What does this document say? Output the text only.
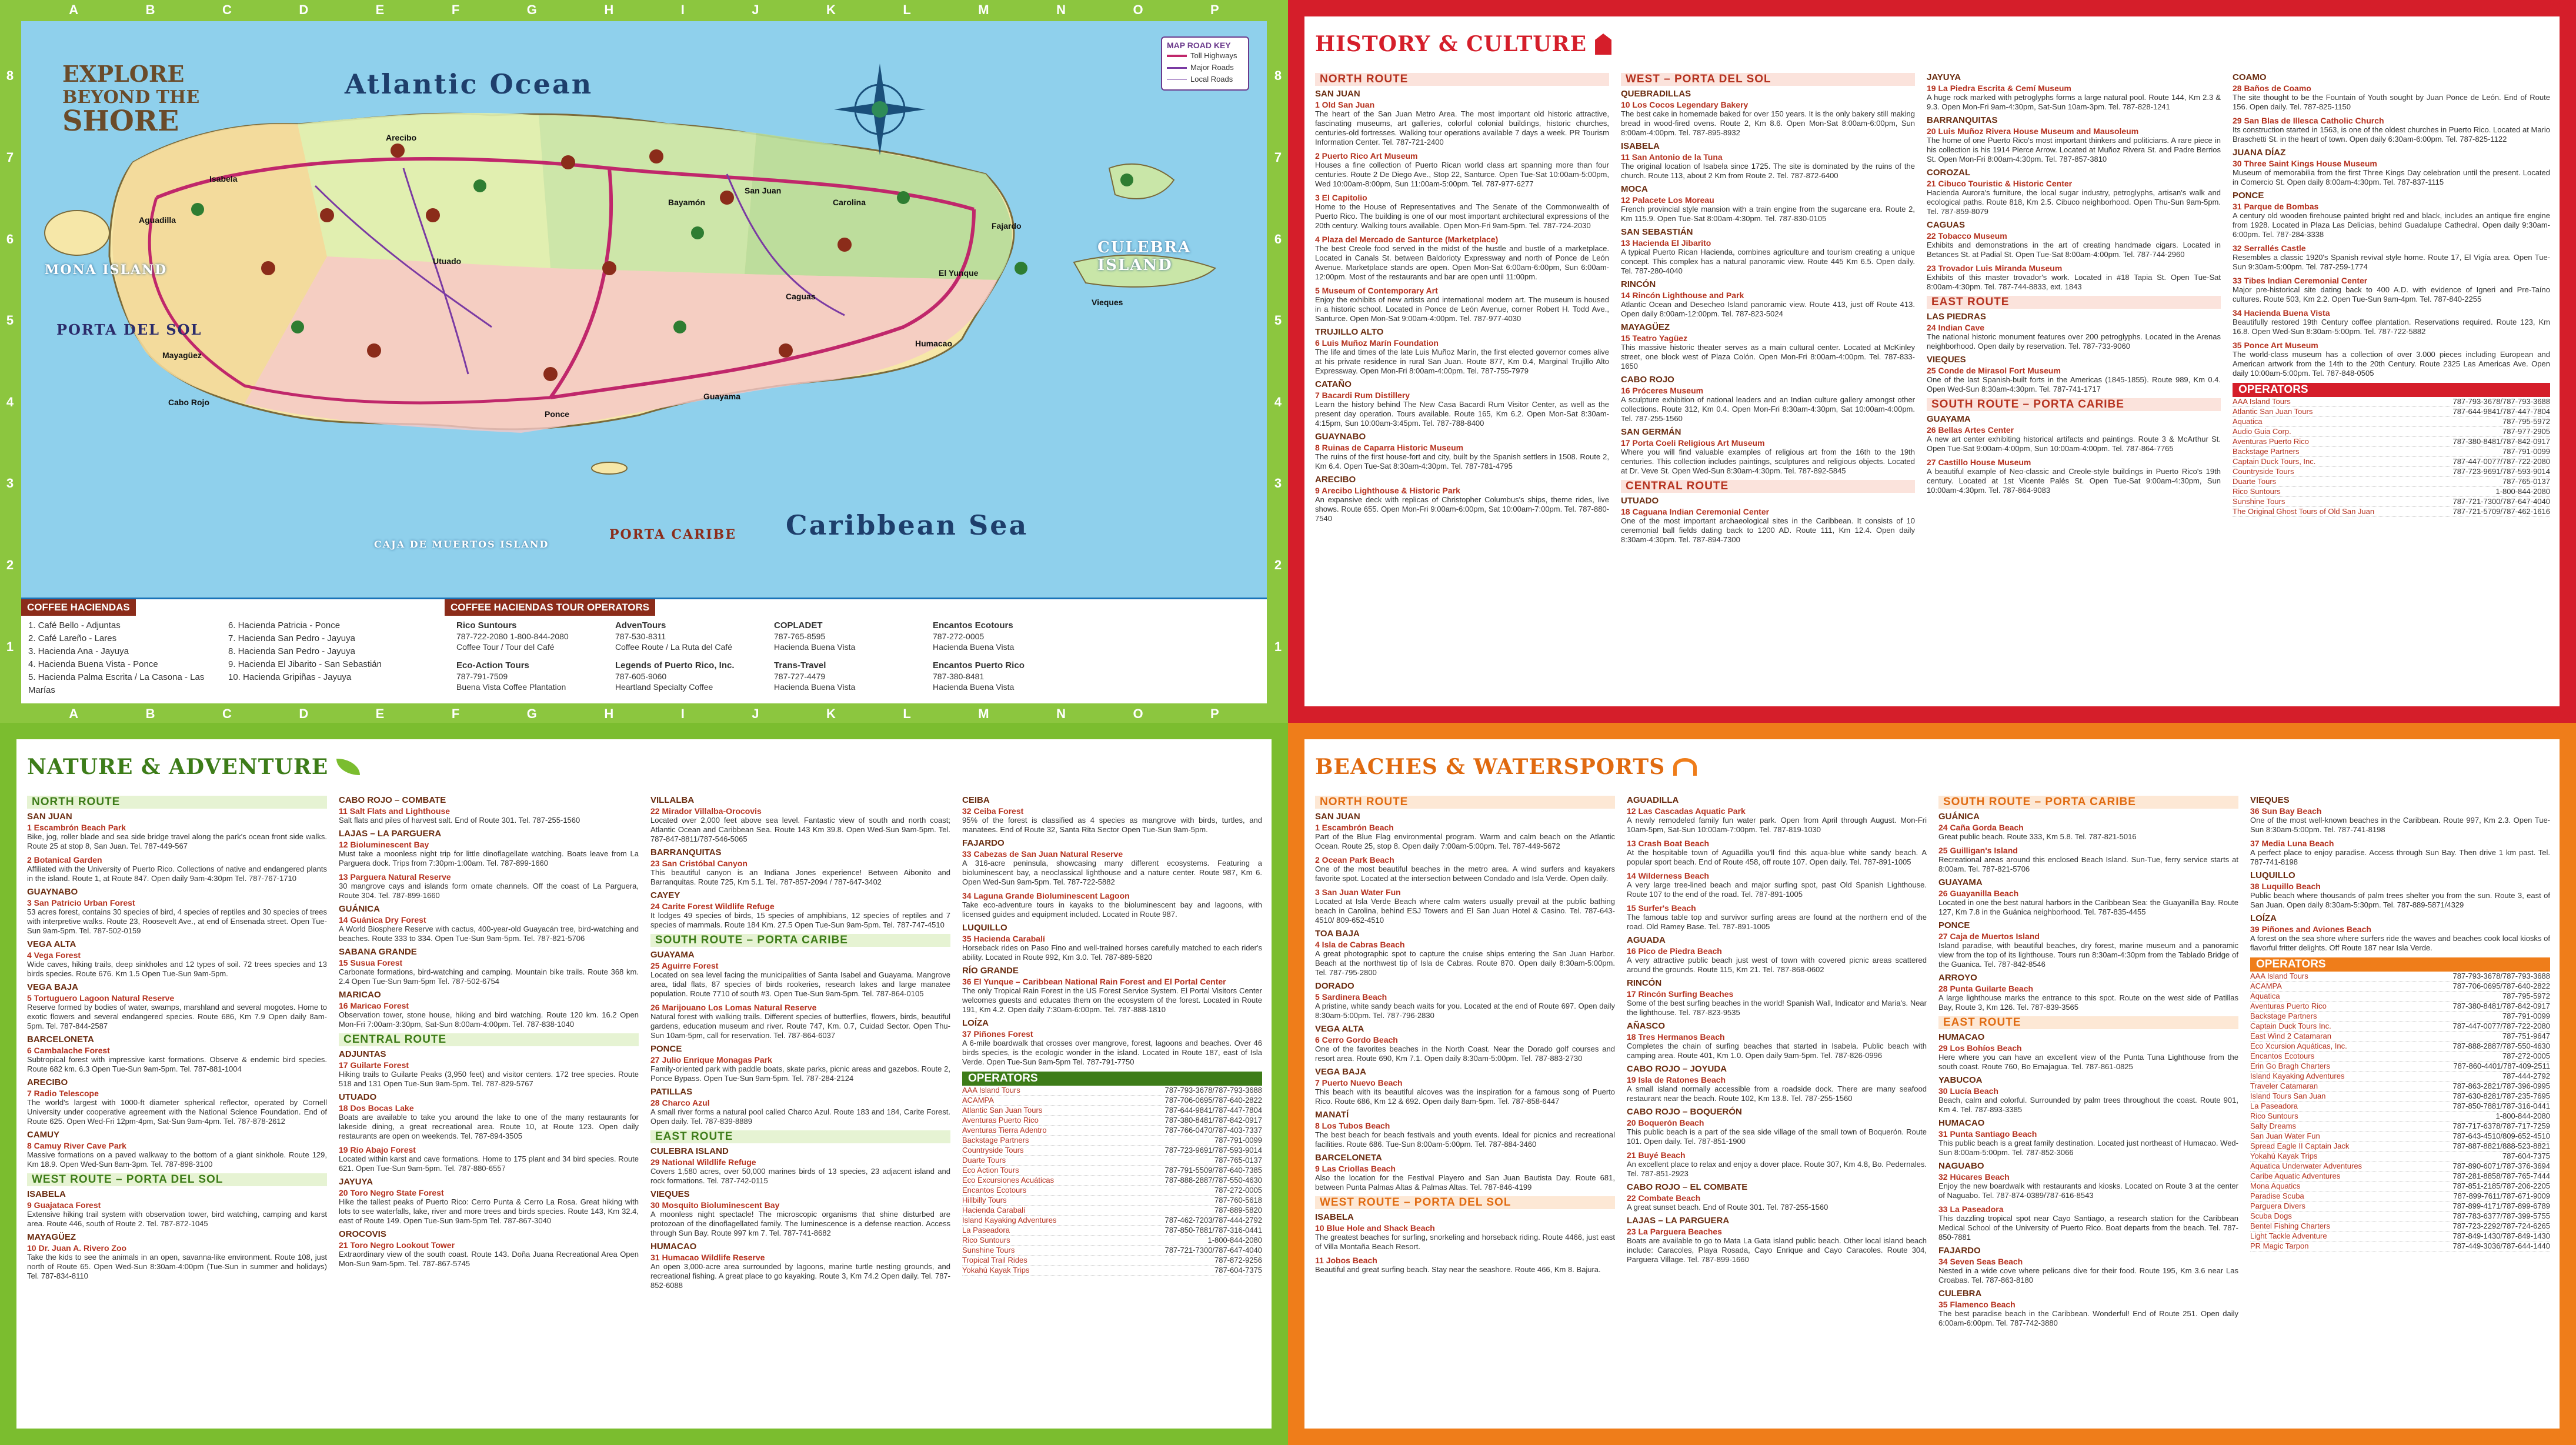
A	B	C	D	E	F	G	H	I	J	K	L	M	N	O	P
A	B	C	D	E	F	G	H	I	J	K	L	M	N	O	P
8
7
6
5
4
3
2
1
8
7
6
5
4
3
2
1
EXPLORE
BEYOND THE
SHORE
Atlantic Ocean
Caribbean Sea
CULEBRA ISLAND
MONA ISLAND
PORTA DEL SOL
PORTA CARIBE
CAJA DE MUERTOS ISLAND
Arecibo
San Juan
Mayagüez
Ponce
El Yunque
Isabela
Aguadilla
Vieques
Fajardo
Humacao
Guayama
Caguas
Bayamón	Carolina
Utuado
Cabo Rojo
MAP ROAD KEY
Toll Highways
Major Roads
Local Roads
COFFEE HACIENDAS
1. Café Bello - Adjuntas
2. Café Lareño - Lares
3. Hacienda Ana - Jayuya
4. Hacienda Buena Vista - Ponce
5. Hacienda Palma Escrita / La Casona - Las Marías
6. Hacienda Patricia - Ponce
7. Hacienda San Pedro - Jayuya
8. Hacienda San Pedro - Jayuya
9. Hacienda El Jibarito - San Sebastián
10. Hacienda Gripiñas - Jayuya
COFFEE HACIENDAS TOUR OPERATORS
Rico Suntours
787-722-2080 1-800-844-2080
Coffee Tour / Tour del Café
Eco-Action Tours
787-791-7509
Buena Vista Coffee Plantation
AdvenTours
787-530-8311
Coffee Route / La Ruta del Café
Legends of Puerto Rico, Inc.
787-605-9060
Heartland Specialty Coffee
COPLADET
787-765-8595
Hacienda Buena Vista
Trans-Travel
787-727-4479
Hacienda Buena Vista
Encantos Ecotours
787-272-0005
Hacienda Buena Vista
Encantos Puerto Rico
787-380-8481
Hacienda Buena Vista
HISTORY & CULTURE
NORTH ROUTE
SAN JUAN
1 Old San Juan
The heart of the San Juan Metro Area. The most important old historic attractive, fascinating museums, art galleries, colorful colonial buildings, historic churches, centuries-old fortresses. Walking tour operations available 7 days a week. PR Tourism Information Center. Tel. 787-721-2400
2 Puerto Rico Art Museum
Houses a fine collection of Puerto Rican world class art spanning more than four centuries. Route 2 De Diego Ave., Stop 22, Santurce. Open Tue-Sat 10:00am-5:00pm, Wed 10:00am-8:00pm, Sun 11:00am-5:00pm. Tel. 787-977-6277
3 El Capitolio
Home to the House of Representatives and The Senate of the Commonwealth of Puerto Rico. The building is one of our most important architectural expressions of the 20th century. Walking tours available. Open Mon-Fri 9am-5pm. Tel. 787-724-2030
4 Plaza del Mercado de Santurce (Marketplace)
The best Creole food served in the midst of the hustle and bustle of a marketplace. Located in Canals St. between Baldorioty Expressway and north of Ponce de León Avenue. Marketplace stands are open. Open Mon-Sat 6:00am-6:00pm, Sun 6:00am-12:00pm. Most of the restaurants and bar are open until 11:00pm.
5 Museum of Contemporary Art
Enjoy the exhibits of new artists and international modern art. The museum is housed in a historic school. Located in Ponce de León Avenue, corner Robert H. Todd Ave., Santurce. Open Mon-Sat 9:00am-4:00pm. Tel. 787-977-4030
TRUJILLO ALTO
6 Luis Muñoz Marín Foundation
The life and times of the late Luis Muñoz Marín, the first elected governor comes alive at his private residence in rural San Juan. Route 877, Km 0.4, Marginal Trujillo Alto Expressway. Open Mon-Fri 8:00am-4:00pm. Tel. 787-755-7979
CATAÑO
7 Bacardi Rum Distillery
Learn the history behind The New Casa Bacardi Rum Visitor Center, as well as the present day operation. Tours available. Route 165, Km 6.2. Open Mon-Sat 8:30am-4:15pm, Sun 10:00am-3:45pm. Tel. 787-788-8400
GUAYNABO
8 Ruinas de Caparra Historic Museum
The ruins of the first house-fort and city, built by the Spanish settlers in 1508. Route 2, Km 6.4. Open Tue-Sat 8:30am-4:30pm. Tel. 787-781-4795
ARECIBO
9 Arecibo Lighthouse & Historic Park
An expansive deck with replicas of Christopher Columbus's ships, theme rides, live shows. Route 655. Open Mon-Fri 9:00am-6:00pm, Sat 10:00am-7:00pm. Tel. 787-880-7540
WEST – PORTA DEL SOL
QUEBRADILLAS
10 Los Cocos Legendary Bakery
The best cake in homemade baked for over 150 years. It is the only bakery still making bread in wood-fired ovens. Route 2, Km 8.6. Open Mon-Sat 8:00am-6:00pm, Sun 8:00am-4:00pm. Tel. 787-895-8932
ISABELA
11 San Antonio de la Tuna
The original location of Isabela since 1725. The site is dominated by the ruins of the church. Route 113, about 2 Km from Route 2. Tel. 787-872-6400
MOCA
12 Palacete Los Moreau
French provincial style mansion with a train engine from the sugarcane era. Route 2, Km 115.9. Open Tue-Sat 8:00am-4:30pm. Tel. 787-830-0105
SAN SEBASTIÁN
13 Hacienda El Jibarito
A typical Puerto Rican Hacienda, combines agriculture and tourism creating a unique concept. This complex has a natural panoramic view. Route 445 Km 6.5. Open daily. Tel. 787-280-4040
RINCÓN
14 Rincón Lighthouse and Park
Atlantic Ocean and Desecheo Island panoramic view. Route 413, just off Route 413. Open daily 8:00am-12:00pm. Tel. 787-823-5024
MAYAGÜEZ
15 Teatro Yagüez
This massive historic theater serves as a main cultural center. Located at McKinley street, one block west of Plaza Colón. Open Mon-Fri 8:00am-4:00pm. Tel. 787-833-1650
CABO ROJO
16 Próceres Museum
A sculpture exhibition of national leaders and an Indian culture gallery amongst other collections. Route 312, Km 0.4. Open Mon-Fri 8:30am-4:30pm, Sat 10:00am-4:00pm. Tel. 787-255-1560
SAN GERMÁN
17 Porta Coeli Religious Art Museum
Where you will find valuable examples of religious art from the 16th to the 19th centuries. This collection includes paintings, sculptures and religious objects. Located at Dr. Veve St. Open Wed-Sun 8:30am-4:30pm. Tel. 787-892-5845
CENTRAL ROUTE
UTUADO
18 Caguana Indian Ceremonial Center
One of the most important archaeological sites in the Caribbean. It consists of 10 ceremonial ball fields dating back to 1200 AD. Route 111, Km 12.4. Open daily 8:30am-4:30pm. Tel. 787-894-7300
JAYUYA
19 La Piedra Escrita & Cemí Museum
A huge rock marked with petroglyphs forms a large natural pool. Route 144, Km 2.3 & 9.3. Open Mon-Fri 9am-4:30pm, Sat-Sun 10am-3pm. Tel. 787-828-1241
BARRANQUITAS
20 Luis Muñoz Rivera House Museum and Mausoleum
The home of one Puerto Rico's most important thinkers and politicians. A rare piece in his collection is his 1914 Pierce Arrow. Located at Muñoz Rivera St. and Padre Berrios St. Open Mon-Fri 8:00am-4:30pm. Tel. 787-857-3810
COROZAL
21 Cibuco Touristic & Historic Center
Hacienda Aurora's furniture, the local sugar industry, petroglyphs, artisan's walk and ecological paths. Route 818, Km 2.5. Cibuco neighborhood. Open Thu-Sun 9am-5pm. Tel. 787-859-8079
CAGUAS
22 Tobacco Museum
Exhibits and demonstrations in the art of creating handmade cigars. Located in Betances St. at Padial St. Open Tue-Sat 8:00am-4:00pm. Tel. 787-744-2960
23 Trovador Luis Miranda Museum
Exhibits of this master trovador's work. Located in #18 Tapia St. Open Tue-Sat 8:00am-4:30pm. Tel. 787-744-8833, ext. 1843
EAST ROUTE
LAS PIEDRAS
24 Indian Cave
The national historic monument features over 200 petroglyphs. Located in the Arenas neighborhood. Open daily by reservation. Tel. 787-733-9060
VIEQUES
25 Conde de Mirasol Fort Museum
One of the last Spanish-built forts in the Americas (1845-1855). Route 989, Km 0.4. Open Wed-Sun 8:30am-4:30pm. Tel. 787-741-1717
SOUTH ROUTE – PORTA CARIBE
GUAYAMA
26 Bellas Artes Center
A new art center exhibiting historical artifacts and paintings. Route 3 & McArthur St. Open Tue-Sat 9:00am-4:00pm, Sun 10:00am-4:00pm. Tel. 787-864-7765
27 Castillo House Museum
A beautiful example of Neo-classic and Creole-style buildings in Puerto Rico's 19th century. Located at 1st Vicente Palés St. Open Tue-Sat 9:00am-4:30pm, Sun 10:00am-4:30pm. Tel. 787-864-9083
COAMO
28 Baños de Coamo
The site thought to be the Fountain of Youth sought by Juan Ponce de León. End of Route 156. Open daily. Tel. 787-825-1150
29 San Blas de Illesca Catholic Church
Its construction started in 1563, is one of the oldest churches in Puerto Rico. Located at Mario Braschetti St. in the heart of town. Open daily 6:30am-6:00pm. Tel. 787-825-1122
JUANA DÍAZ
30 Three Saint Kings House Museum
Museum of memorabilia from the first Three Kings Day celebration until the present. Located in Comercio St. Open daily 8:00am-4:30pm. Tel. 787-837-1115
PONCE
31 Parque de Bombas
A century old wooden firehouse painted bright red and black, includes an antique fire engine from 1928. Located in Plaza Las Delicias, behind Guadalupe Cathedral. Open daily 9:30am-6:00pm. Tel. 787-284-3338
32 Serrallés Castle
Resembles a classic 1920's Spanish revival style home. Route 17, El Vigía area. Open Tue-Sun 9:30am-5:00pm. Tel. 787-259-1774
33 Tibes Indian Ceremonial Center
Major pre-historical site dating back to 400 A.D. with evidence of Igneri and Pre-Taíno cultures. Route 503, Km 2.2. Open Tue-Sun 9am-4pm. Tel. 787-840-2255
34 Hacienda Buena Vista
Beautifully restored 19th Century coffee plantation. Reservations required. Route 123, Km 16.8. Open Wed-Sun 8:30am-5:00pm. Tel. 787-722-5882
35 Ponce Art Museum
The world-class museum has a collection of over 3.000 pieces including European and American artwork from the 14th to the 20th Century. Route 2325 Las Americas Ave. Open daily 10:00am-5:00pm. Tel. 787-848-0505
OPERATORS
AAA Island Tours	787-793-3678/787-793-3688
Atlantic San Juan Tours	787-644-9841/787-447-7804
Aquatica	787-795-5972
Audio Guia Corp.	787-977-2905
Aventuras Puerto Rico	787-380-8481/787-842-0917
Backstage Partners	787-791-0099
Captain Duck Tours, Inc.	787-447-0077/787-722-2080
Countryside Tours	787-723-9691/787-593-9014
Duarte Tours	787-765-0137
Rico Suntours	1-800-844-2080
Sunshine Tours	787-721-7300/787-647-4040
The Original Ghost Tours of Old San Juan	787-721-5709/787-462-1616
NATURE & ADVENTURE
NORTH ROUTE
SAN JUAN
1 Escambrón Beach Park
Bike, jog, roller blade and sea side bridge travel along the park's ocean front side walks. Route 25 at stop 8, San Juan. Tel. 787-449-567
2 Botanical Garden
Affiliated with the University of Puerto Rico. Collections of native and endangered plants in the island. Route 1, at Route 847. Open daily 9am-4:30pm Tel. 787-767-1710
GUAYNABO
3 San Patricio Urban Forest
53 acres forest, contains 30 species of bird, 4 species of reptiles and 30 species of trees with interpretive walks. Route 23, Roosevelt Ave., at end of Ensenada street. Open Tue-Sun 9am-5pm. Tel. 787-502-0159
VEGA ALTA
4 Vega Forest
Wide caves, hiking trails, deep sinkholes and 12 types of soil. 72 trees species and 13 birds species. Route 676. Km 1.5 Open Tue-Sun 9am-5pm.
VEGA BAJA
5 Tortuguero Lagoon Natural Reserve
Reserve formed by bodies of water, swamps, marshland and several mogotes. Home to exotic flowers and several endangered species. Route 686, Km 7.9 Open daily 8am-5pm. Tel. 787-844-2587
BARCELONETA
6 Cambalache Forest
Subtropical forest with impressive karst formations. Observe & endemic bird species. Route 682 km. 6.3 Open Tue-Sun 9am-5pm. Tel. 787-881-1004
ARECIBO
7 Radio Telescope
The world's largest with 1000-ft diameter spherical reflector, operated by Cornell University under cooperative agreement with the National Science Foundation. End of Route 625. Open Wed-Fri 12pm-4pm, Sat-Sun 9am-4pm. Tel. 787-878-2612
CAMUY
8 Camuy River Cave Park
Massive formations on a paved walkway to the bottom of a giant sinkhole. Route 129, Km 18.9. Open Wed-Sun 8am-3pm. Tel. 787-898-3100
WEST ROUTE – PORTA DEL SOL
ISABELA
9 Guajataca Forest
Extensive hiking trail system with observation tower, bird watching, camping and karst area. Route 446, south of Route 2. Tel. 787-872-1045
MAYAGÜEZ
10 Dr. Juan A. Rivero Zoo
Take the kids to see the animals in an open, savanna-like environment. Route 108, just north of Route 65. Open Wed-Sun 8:30am-4:00pm (Tue-Sun in summer and holidays) Tel. 787-834-8110
CABO ROJO – COMBATE
11 Salt Flats and Lighthouse
Salt flats and piles of harvest salt. End of Route 301. Tel. 787-255-1560
LAJAS – LA PARGUERA
12 Bioluminescent Bay
Must take a moonless night trip for little dinoflagellate watching. Boats leave from La Parguera dock. Trips from 7:30pm-1:00am. Tel. 787-899-1660
13 Parguera Natural Reserve
30 mangrove cays and islands form ornate channels. Off the coast of La Parguera, Route 304. Tel. 787-899-1660
GUÁNICA
14 Guánica Dry Forest
A World Biosphere Reserve with cactus, 400-year-old Guayacán tree, bird-watching and beaches. Route 333 to 334. Open Tue-Sun 9am-5pm. Tel. 787-821-5706
SABANA GRANDE
15 Susua Forest
Carbonate formations, bird-watching and camping. Mountain bike trails. Route 368 km. 2.4 Open Tue-Sun 9am-5pm Tel. 787-502-6754
MARICAO
16 Maricao Forest
Observation tower, stone house, hiking and bird watching. Route 120 km. 16.2 Open Mon-Fri 7:00am-3:30pm, Sat-Sun 8:00am-4:00pm. Tel. 787-838-1040
CENTRAL ROUTE
ADJUNTAS
17 Guilarte Forest
Hiking trails to Guilarte Peaks (3,950 feet) and visitor centers. 172 tree species. Route 518 and 131 Open Tue-Sun 9am-5pm. Tel. 787-829-5767
UTUADO
18 Dos Bocas Lake
Boats are available to take you around the lake to one of the many restaurants for lakeside dining, a great recreational area. Route 10, at Route 123. Open daily restaurants are open on weekends. Tel. 787-894-3505
19 Río Abajo Forest
Located within karst and cave formations. Home to 175 plant and 34 bird species. Route 621. Open Tue-Sun 9am-5pm. Tel. 787-880-6557
JAYUYA
20 Toro Negro State Forest
Hike the tallest peaks of Puerto Rico: Cerro Punta & Cerro La Rosa. Great hiking with lots to see waterfalls, lake, river and more trees and birds species. Route 143, Km 32.4, east of Route 149. Open Tue-Sun 9am-5pm Tel. 787-867-3040
OROCOVIS
21 Toro Negro Lookout Tower
Extraordinary view of the south coast. Route 143. Doña Juana Recreational Area Open Mon-Sun 9am-5pm. Tel. 787-867-5745
VILLALBA
22 Mirador Villalba-Orocovis
Located over 2,000 feet above sea level. Fantastic view of south and north coast; Atlantic Ocean and Caribbean Sea. Route 143 Km 39.8. Open Wed-Sun 9am-5pm. Tel. 787-847-8811/787-546-5065
BARRANQUITAS
23 San Cristóbal Canyon
This beautiful canyon is an Indiana Jones experience! Between Aibonito and Barranquitas. Route 725, Km 5.1. Tel. 787-857-2094 / 787-647-3402
CAYEY
24 Carite Forest Wildlife Refuge
It lodges 49 species of birds, 15 species of amphibians, 12 species of reptiles and 7 species of mammals. Route 184 Km. 27.5 Open Tue-Sun 9am-5pm. Tel. 787-747-4510
SOUTH ROUTE – PORTA CARIBE
GUAYAMA
25 Aguirre Forest
Located on sea level facing the municipalities of Santa Isabel and Guayama. Mangrove area, tidal flats, 87 species of birds rookeries, research lakes and large manatee population. Route 7710 of south #3. Open Tue-Sun 9am-5pm. Tel. 787-864-0105
26 Marijouano Los Lomas Natural Reserve
Natural forest with walking trails. Different species of butterflies, flowers, birds, beautiful gardens, education museum and river. Route 747, Km. 0.7, Cuidad Sector. Open Thu-Sun 10am-5pm, call for reservation. Tel. 787-864-6037
PONCE
27 Julio Enrique Monagas Park
Family-oriented park with paddle boats, skate parks, picnic areas and gazebos. Route 2, Ponce Bypass. Open Tue-Sun 9am-5pm. Tel. 787-284-2124
PATILLAS
28 Charco Azul
A small river forms a natural pool called Charco Azul. Route 183 and 184, Carite Forest. Open daily. Tel. 787-839-8889
EAST ROUTE
CULEBRA ISLAND
29 National Wildlife Refuge
Covers 1,580 acres, over 50,000 marines birds of 13 species, 23 adjacent island and rock formations. Tel. 787-742-0115
VIEQUES
30 Mosquito Bioluminescent Bay
A moonless night spectacle! The microscopic organisms that shine disturbed are protozoan of the dinoflagellated family. The luminescence is a defense reaction. Access through Sun Bay. Route 997 km 7. Tel. 787-741-8682
HUMACAO
31 Humacao Wildlife Reserve
An open 3,000-acre area surrounded by lagoons, marine turtle nesting grounds, and recreational fishing. A great place to go kayaking. Route 3, Km 74.2 Open daily. Tel. 787-852-6088
CEIBA
32 Ceiba Forest
95% of the forest is classified as 4 species as mangrove with birds, turtles, and manatees. End of Route 32, Santa Rita Sector Open Tue-Sun 9am-5pm.
FAJARDO
33 Cabezas de San Juan Natural Reserve
A 316-acre peninsula, showcasing many different ecosystems. Featuring a bioluminescent bay, a neoclassical lighthouse and a nature center. Route 987, Km 6. Open Wed-Sun 9am-5pm. Tel. 787-722-5882
34 Laguna Grande Bioluminescent Lagoon
Take eco-adventure tours in kayaks to the bioluminescent bay and lagoons, with licensed guides and equipment included. Located in Route 987.
LUQUILLO
35 Hacienda Carabalí
Horseback rides on Paso Fino and well-trained horses carefully matched to each rider's ability. Located in Route 992, Km 3.0. Tel. 787-889-5820
RÍO GRANDE
36 El Yunque – Caribbean National Rain Forest and El Portal Center
The only Tropical Rain Forest in the US Forest Service System. El Portal Visitors Center welcomes guests and educates them on the ecosystem of the forest. Located in Route 191, Km 4.2. Open daily 7:30am-6:00pm. Tel. 787-888-1810
LOÍZA
37 Piñones Forest
A 6-mile boardwalk that crosses over mangrove, forest, lagoons and beaches. Over 46 birds species, is the ecologic wonder in the island. Located in Route 187, east of Isla Verde. Open Tue-Sun 9am-5pm Tel. 787-791-7750
OPERATORS
AAA Island Tours	787-793-3678/787-793-3688
ACAMPA	787-706-0695/787-640-2822
Atlantic San Juan Tours	787-644-9841/787-447-7804
Aventuras Puerto Rico	787-380-8481/787-842-0917
Aventuras Tierra Adentro	787-766-0470/787-403-7337
Backstage Partners	787-791-0099
Countryside Tours	787-723-9691/787-593-9014
Duarte Tours	787-765-0137
Eco Action Tours	787-791-5509/787-640-7385
Eco Excursiones Acuáticas	787-888-2887/787-550-4630
Encantos Ecotours	787-272-0005
Hillbilly Tours	787-760-5618
Hacienda Carabalí	787-889-5820
Island Kayaking Adventures	787-462-7203/787-444-2792
La Paseadora	787-850-7881/787-316-0441
Rico Suntours	1-800-844-2080
Sunshine Tours	787-721-7300/787-647-4040
Tropical Trail Rides	787-872-9256
Yokahú Kayak Trips	787-604-7375
BEACHES & WATERSPORTS
NORTH ROUTE
SAN JUAN
1 Escambrón Beach
Part of the Blue Flag environmental program. Warm and calm beach on the Atlantic Ocean. Route 25, stop 8. Open daily 7:00am-5:00pm. Tel. 787-449-5672
2 Ocean Park Beach
One of the most beautiful beaches in the metro area. A wind surfers and kayakers favorite spot. Located at the intersection between Condado and Isla Verde. Open daily.
3 San Juan Water Fun
Located at Isla Verde Beach where calm waters usually prevail at the public bathing beach in Carolina, behind ESJ Towers and El San Juan Hotel & Casino. Tel. 787-643-4510/ 809-652-4510
TOA BAJA
4 Isla de Cabras Beach
A great photographic spot to capture the cruise ships entering the San Juan Harbor. Beach at the northwest tip of Isla de Cabras. Route 870. Open daily 8:30am-5:00pm. Tel. 787-795-2800
DORADO
5 Sardinera Beach
A pristine, white sandy beach waits for you. Located at the end of Route 697. Open daily 8:30am-5:00pm. Tel. 787-796-2830
VEGA ALTA
6 Cerro Gordo Beach
One of the favorites beaches in the North Coast. Near the Dorado golf courses and resort area. Route 690, Km 7.1. Open daily 8:30am-5:00pm. Tel. 787-883-2730
VEGA BAJA
7 Puerto Nuevo Beach
This beach with its beautiful alcoves was the inspiration for a famous song of Puerto Rico. Route 686, Km 12 & 692. Open daily 8am-5pm. Tel. 787-858-6447
MANATÍ
8 Los Tubos Beach
The best beach for beach festivals and youth events. Ideal for picnics and recreational facilities. Route 686. Tue-Sun 8:00am-5:00pm. Tel. 787-884-3460
BARCELONETA
9 Las Criollas Beach
Also the location for the Festival Playero and San Juan Bautista Day. Route 681, between Punta Palmas Altas & Palmas Altas. Tel. 787-846-4199
WEST ROUTE – PORTA DEL SOL
ISABELA
10 Blue Hole and Shack Beach
The greatest beaches for surfing, snorkeling and horseback riding. Route 4466, just east of Villa Montaña Beach Resort.
11 Jobos Beach
Beautiful and great surfing beach. Stay near the seashore. Route 466, Km 8. Bajura.
AGUADILLA
12 Las Cascadas Aquatic Park
A newly remodeled family fun water park. Open from April through August. Mon-Fri 10am-5pm, Sat-Sun 10:00am-7:00pm. Tel. 787-819-1030
13 Crash Boat Beach
At the hospitable town of Aguadilla you'll find this aqua-blue white sandy beach. A popular sport beach. End of Route 458, off route 107. Open daily. Tel. 787-891-1005
14 Wilderness Beach
A very large tree-lined beach and major surfing spot, past Old Spanish Lighthouse. Route 107 to the end of the road. Tel. 787-891-1005
15 Surfer's Beach
The famous table top and survivor surfing areas are found at the northern end of the road. Old Ramey Base. Tel. 787-891-1005
AGUADA
16 Pico de Piedra Beach
A very attractive public beach just west of town with covered picnic areas scattered around the grounds. Route 115, Km 21. Tel. 787-868-0602
RINCÓN
17 Rincón Surfing Beaches
Some of the best surfing beaches in the world! Spanish Wall, Indicator and Maria's. Near the lighthouse. Tel. 787-823-9535
AÑASCO
18 Tres Hermanos Beach
Completes the chain of surfing beaches that started in Isabela. Public beach with camping area. Route 401, Km 1.0. Open daily 9am-5pm. Tel. 787-826-0996
CABO ROJO – JOYUDA
19 Isla de Ratones Beach
A small island normally accessible from a roadside dock. There are many seafood restaurant near the beach. Route 102, Km 13.8. Tel. 787-255-1560
CABO ROJO – BOQUERÓN
20 Boquerón Beach
This public beach is a part of the sea side village of the small town of Boquerón. Route 101. Open daily. Tel. 787-851-1900
21 Buyé Beach
An excellent place to relax and enjoy a dover place. Route 307, Km 4.8, Bo. Pedernales. Tel. 787-851-2923
CABO ROJO – EL COMBATE
22 Combate Beach
A great sunset beach. End of Route 301. Tel. 787-255-1560
LAJAS – LA PARGUERA
23 La Parguera Beaches
Boats are available to go to Mata La Gata island public beach. Other local island beach include: Caracoles, Playa Rosada, Cayo Enrique and Cayo Caracoles. Route 304, Parguera Village. Tel. 787-899-1660
SOUTH ROUTE – PORTA CARIBE
GUÁNICA
24 Caña Gorda Beach
Great public beach. Route 333, Km 5.8. Tel. 787-821-5016
25 Guilligan's Island
Recreational areas around this enclosed Beach Island. Sun-Tue, ferry service starts at 8:00am. Tel. 787-821-5706
GUAYAMA
26 Guayanilla Beach
Located in one the best natural harbors in the Caribbean Sea: the Guayanilla Bay. Route 127, Km 7.8 in the Guánica neighborhood. Tel. 787-835-4455
PONCE
27 Caja de Muertos Island
Island paradise, with beautiful beaches, dry forest, marine museum and a panoramic view from the top of its lighthouse. Tours run 8:30am-4:30pm from the Tablado Bridge of the Guanica. Tel. 787-842-8546
ARROYO
28 Punta Guilarte Beach
A large lighthouse marks the entrance to this spot. Route on the west side of Patillas Bay, Route 3, Km 126. Tel. 787-839-3565
EAST ROUTE
HUMACAO
29 Los Bohíos Beach
Here where you can have an excellent view of the Punta Tuna Lighthouse from the south coast. Route 760, Bo Emajagua. Tel. 787-861-0825
YABUCOA
30 Lucía Beach
Beach, calm and colorful. Surrounded by palm trees throughout the coast. Route 901, Km 4. Tel. 787-893-3385
HUMACAO
31 Punta Santiago Beach
This public beach is a great family destination. Located just northeast of Humacao. Wed-Sun 8:00am-5:00pm. Tel. 787-852-3066
NAGUABO
32 Húcares Beach
Enjoy the new boardwalk with restaurants and kiosks. Located on Route 3 at the center of Naguabo. Tel. 787-874-0389/787-616-8543
33 La Paseadora
This dazzling tropical spot near Cayo Santiago, a research station for the Caribbean Medical School of the University of Puerto Rico. Boat departs from the beach. Tel. 787-850-7881
FAJARDO
34 Seven Seas Beach
Nested in a wide cove where pelicans dive for their food. Route 195, Km 3.6 near Las Croabas. Tel. 787-863-8180
CULEBRA
35 Flamenco Beach
The best paradise beach in the Caribbean. Wonderful! End of Route 251. Open daily 6:00am-6:00pm. Tel. 787-742-3880
VIEQUES
36 Sun Bay Beach
One of the most well-known beaches in the Caribbean. Route 997, Km 2.3. Open Tue-Sun 8:30am-5:00pm. Tel. 787-741-8198
37 Media Luna Beach
A perfect place to enjoy paradise. Access through Sun Bay. Then drive 1 km past. Tel. 787-741-8198
LUQUILLO
38 Luquillo Beach
Public beach where thousands of palm trees shelter you from the sun. Route 3, east of San Juan. Open daily 8:30am-5:30pm. Tel. 787-889-5871/4329
LOÍZA
39 Piñones and Aviones Beach
A forest on the sea shore where surfers ride the waves and beaches cook local kiosks of flavorful fritter delights. Off Route 187 near Isla Verde.
OPERATORS
AAA Island Tours	787-793-3678/787-793-3688
ACAMPA	787-706-0695/787-640-2822
Aquatica	787-795-5972
Aventuras Puerto Rico	787-380-8481/787-842-0917
Backstage Partners	787-791-0099
Captain Duck Tours Inc.	787-447-0077/787-722-2080
East Wind 2 Catamaran	787-751-9647
Eco Xcursion Aquáticas, Inc.	787-888-2887/787-550-4630
Encantos Ecotours	787-272-0005
Erin Go Bragh Charters	787-860-4401/787-409-2511
Island Kayaking Adventures	787-444-2792
Traveler Catamaran	787-863-2821/787-396-0995
Island Tours San Juan	787-630-8281/787-235-7695
La Paseadora	787-850-7881/787-316-0441
Rico Suntours	1-800-844-2080
Salty Dreams	787-717-6378/787-717-7259
San Juan Water Fun	787-643-4510/809-652-4510
Spread Eagle II Captain Jack	787-887-8821/888-523-8821
Yokahú Kayak Trips	787-604-7375
Aquatica Underwater Adventures	787-890-6071/787-376-3694
Caribe Aquatic Adventures	787-281-8858/787-765-7444
Mona Aquatics	787-851-2185/787-206-2205
Paradise Scuba	787-899-7611/787-671-9009
Parguera Divers	787-899-4171/787-899-6789
Scuba Dogs	787-783-6377/787-399-5755
Bentel Fishing Charters	787-723-2292/787-724-6265
Light Tackle Adventure	787-849-1430/787-849-1430
PR Magic Tarpon	787-449-3036/787-644-1440
